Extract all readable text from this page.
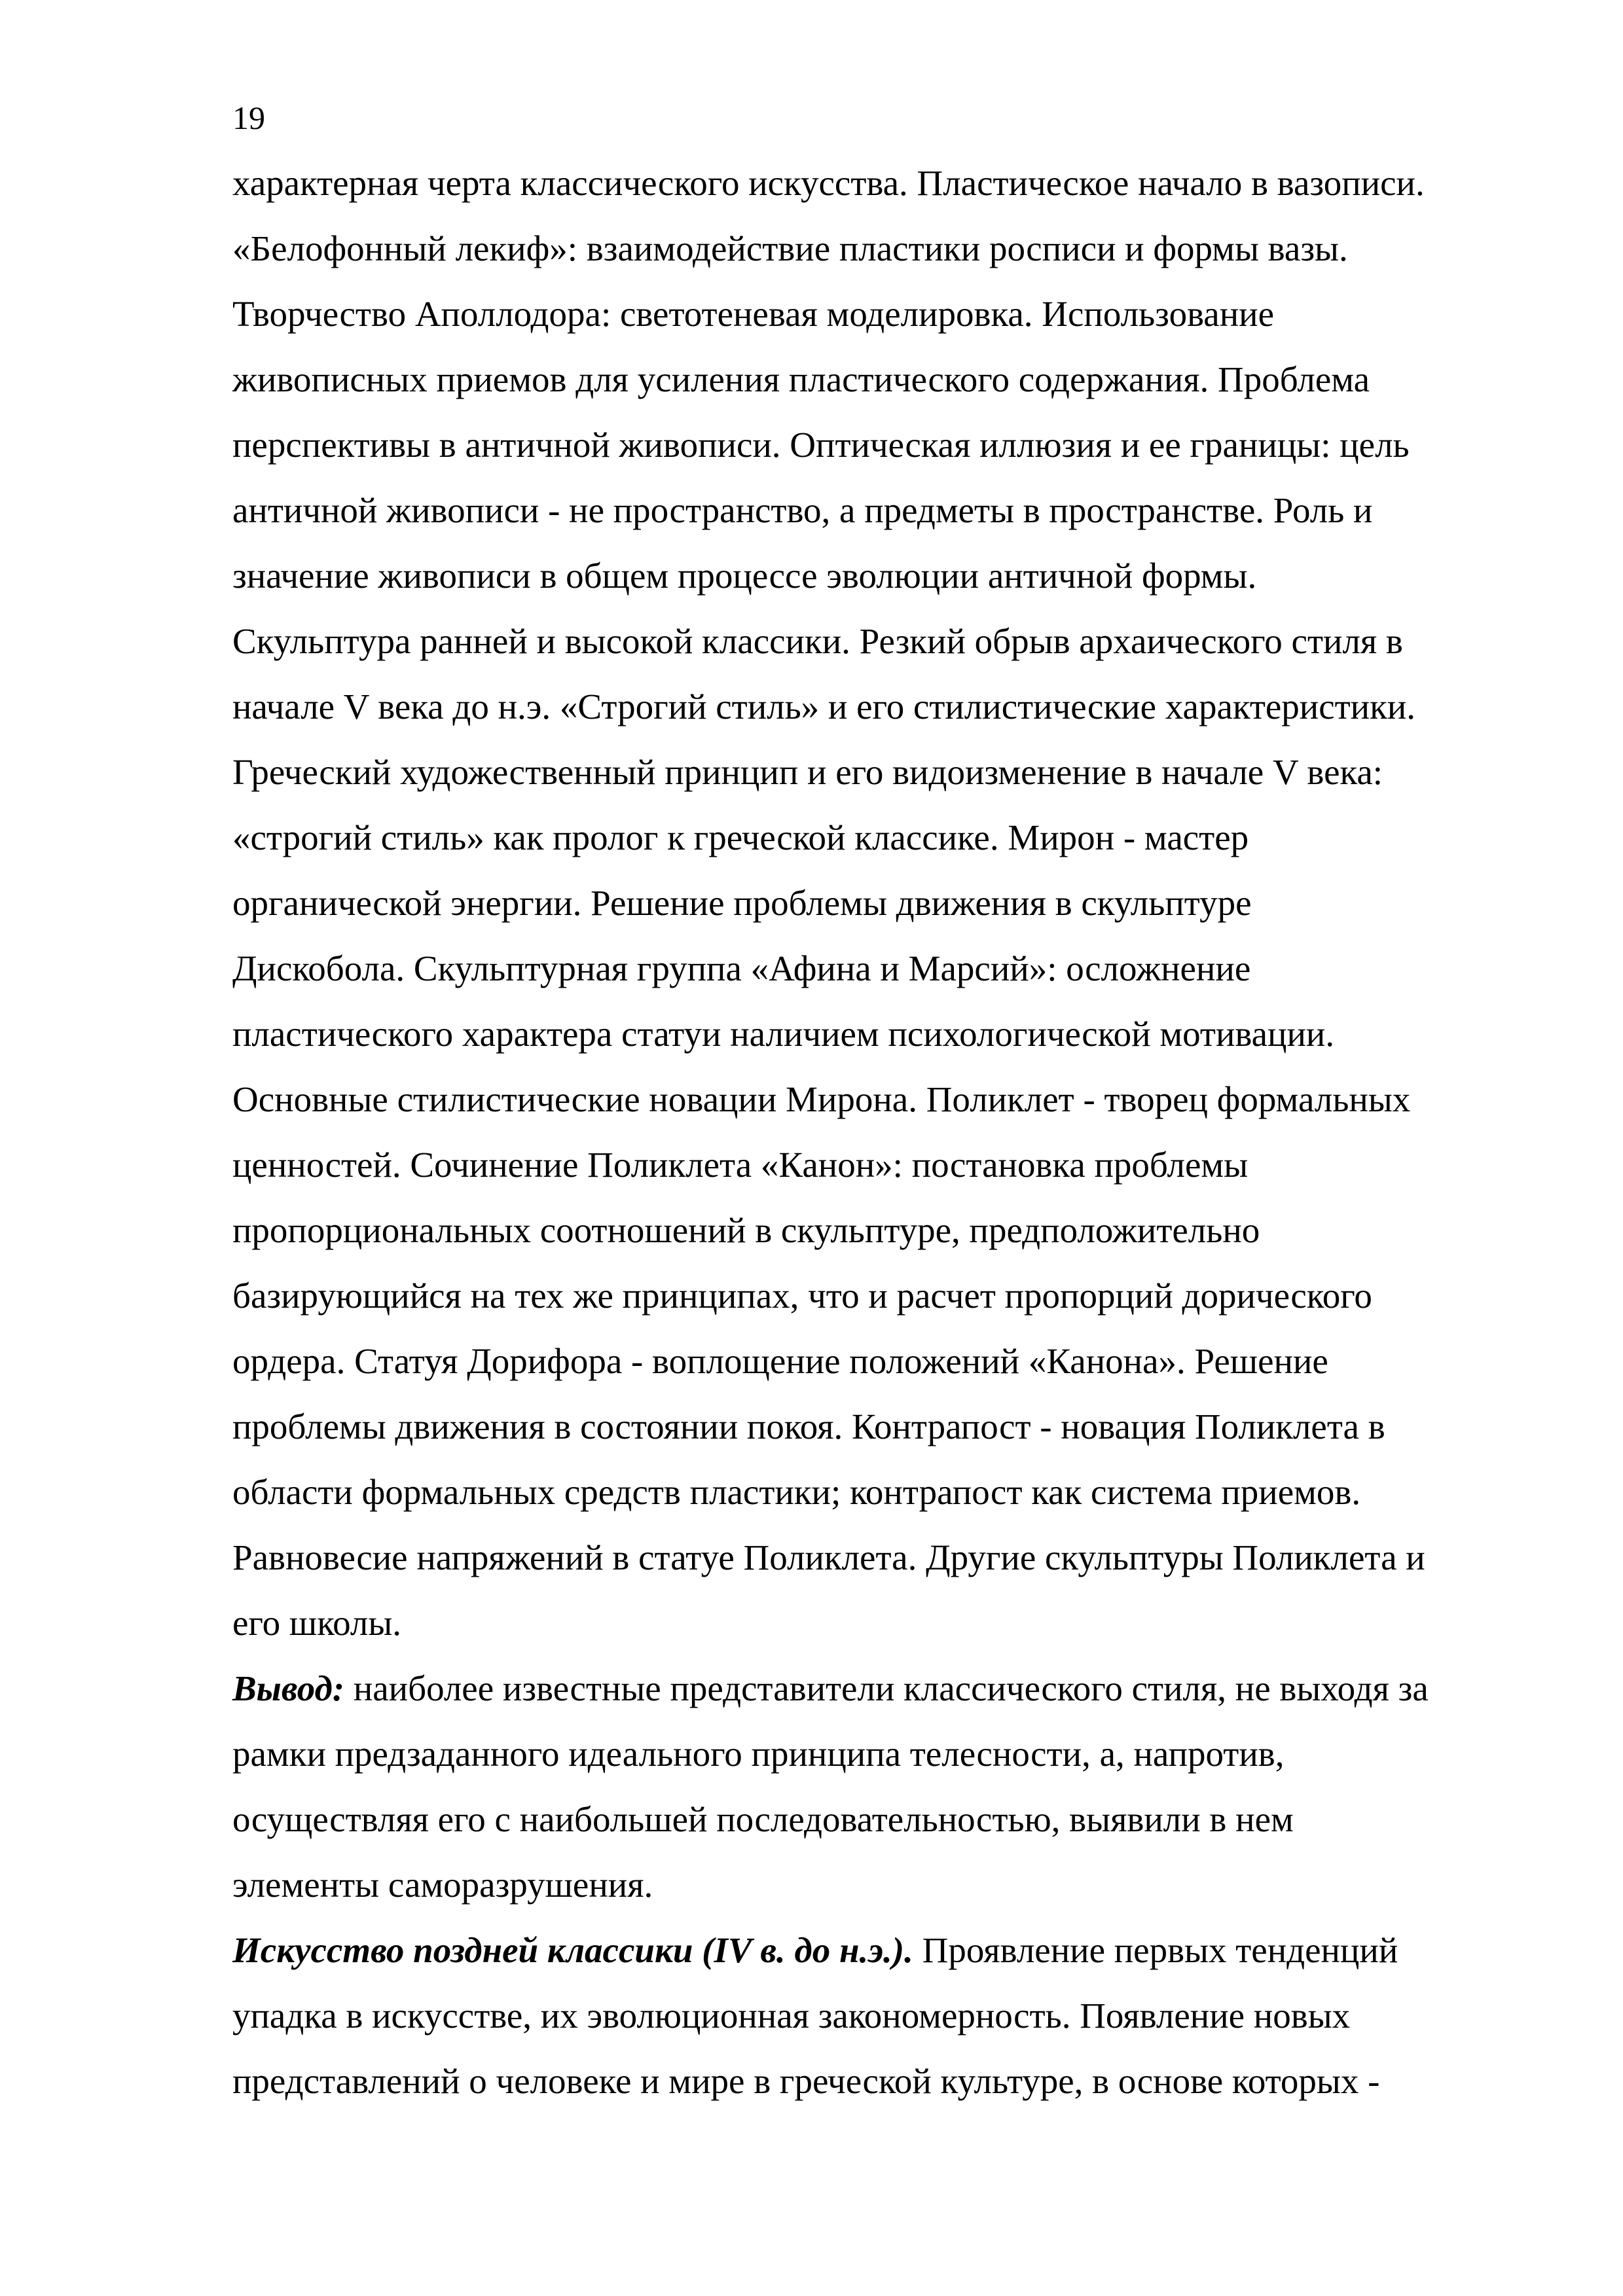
19
характерная черта классического искусства. Пластическое начало в вазописи.
«Белофонный лекиф»: взаимодействие пластики росписи и формы вазы.
Творчество Аполлодора: светотеневая моделировка. Использование
живописных приемов для усиления пластического содержания. Проблема
перспективы в античной живописи. Оптическая иллюзия и ее границы: цель
античной живописи - не пространство, а предметы в пространстве. Роль и
значение живописи в общем процессе эволюции античной формы.
Скульптура ранней и высокой классики. Резкий обрыв архаического стиля в
начале V века до н.э. «Строгий стиль» и его стилистические характеристики.
Греческий художественный принцип и его видоизменение в начале V века:
«строгий стиль» как пролог к греческой классике. Мирон - мастер
органической энергии. Решение проблемы движения в скульптуре
Дискобола. Скульптурная группа «Афина и Марсий»: осложнение
пластического характера статуи наличием психологической мотивации.
Основные стилистические новации Мирона. Поликлет - творец формальных
ценностей. Сочинение Поликлета «Канон»: постановка проблемы
пропорциональных соотношений в скульптуре, предположительно
базирующийся на тех же принципах, что и расчет пропорций дорического
ордера. Статуя Дорифора - воплощение положений «Канона». Решение
проблемы движения в состоянии покоя. Контрапост - новация Поликлета в
области формальных средств пластики; контрапост как система приемов.
Равновесие напряжений в статуе Поликлета. Другие скульптуры Поликлета и
его школы.
Вывод: наиболее известные представители классического стиля, не выходя за
рамки предзаданного идеального принципа телесности, а, напротив,
осуществляя его с наибольшей последовательностью, выявили в нем
элементы саморазрушения.
Искусство поздней классики (IV в. до н.э.). Проявление первых тенденций
упадка в искусстве, их эволюционная закономерность. Появление новых
представлений о человеке и мире в греческой культуре, в основе которых -
